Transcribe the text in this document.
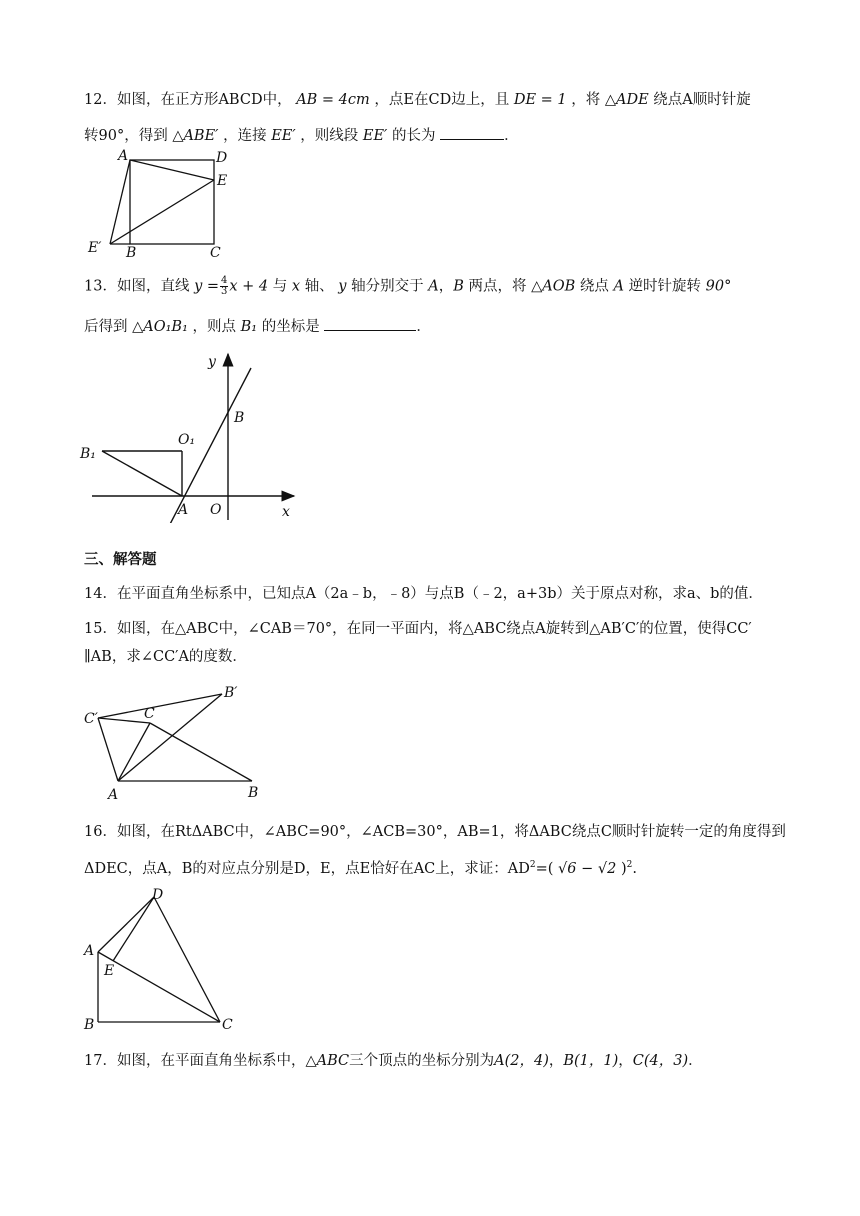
12．如图，在正方形ABCD中， AB = 4cm ，点E在CD边上，且 DE = 1 ，将 △ADE 绕点A顺时针旋
转90°，得到 △ABE′ ，连接 EE′ ，则线段 EE′ 的长为	．
A	D
E
E′ B	C
13．如图，直线 $y = \frac{4}{3}$ x + 4 与 x 轴、 y 轴分别交于 A，B 两点，将 △AOB 绕点 A 逆时针旋转 90°
后得到 △AO₁B₁ ，则点 B₁ 的坐标是	．
y
B
O₁
B₁
A O	x
三、解答题
14．在平面直角坐标系中，已知点A（2a﹣b，﹣8）与点B（﹣2，a+3b）关于原点对称，求a、b的值．
15．如图，在△ABC中，∠CAB＝70°，在同一平面内，将△ABC绕点A旋转到△AB′C′的位置，使得CC′
∥AB，求∠CC′A的度数．
C′	C
B′
A	B
16．如图，在RtΔABC中，∠ABC=90°，∠ACB=30°，AB=1，将ΔABC绕点C顺时针旋转一定的角度得到
ΔDEC，点A，B的对应点分别是D，E，点E恰好在AC上，求证：$AD^2=$( √6 − √2 )$^2$.
D
A
E
B	C
17．如图，在平面直角坐标系中，△ABC三个顶点的坐标分别为A(2，4)，B(1，1)，C(4，3)．
